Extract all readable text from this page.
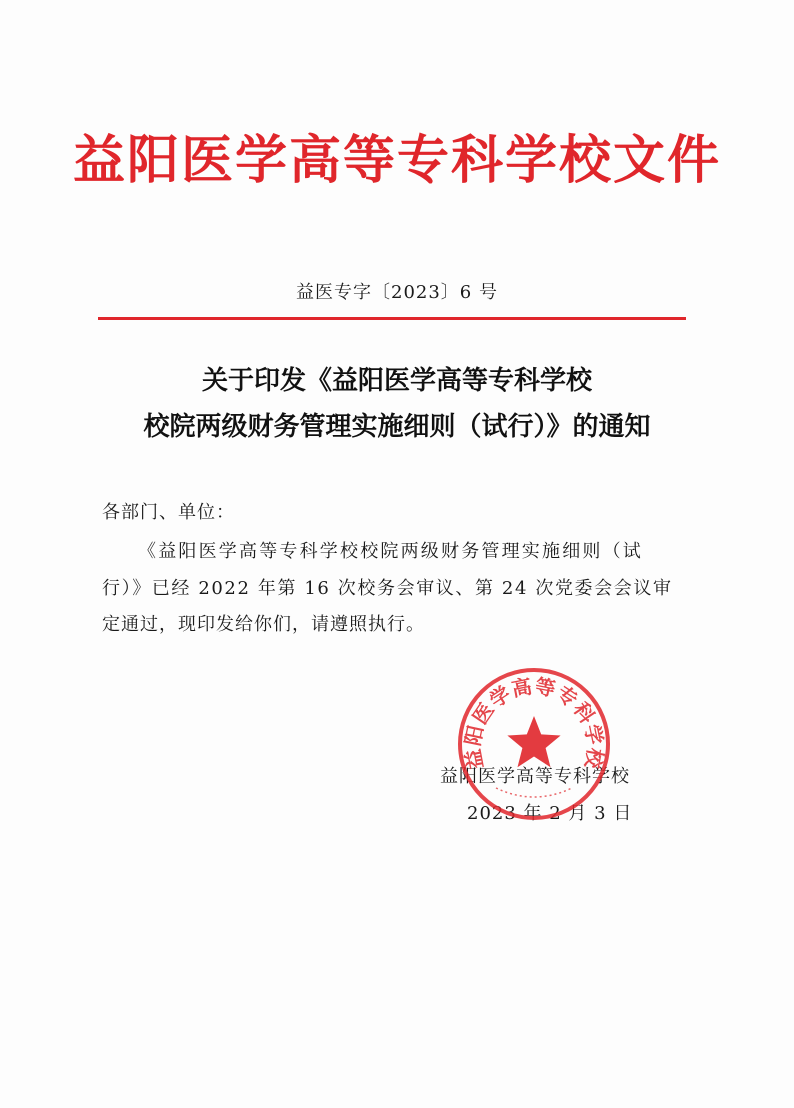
益阳医学高等专科学校文件
益医专字〔2023〕6 号
关于印发《益阳医学高等专科学校
校院两级财务管理实施细则（试行）》的通知
各部门、单位：
《益阳医学高等专科学校校院两级财务管理实施细则（试
行）》已经 2022 年第 16 次校务会审议、第 24 次党委会会议审
定通过，现印发给你们，请遵照执行。
益阳医学高等专科学校
2023 年 2 月 3 日
益阳医学高等专科学校
